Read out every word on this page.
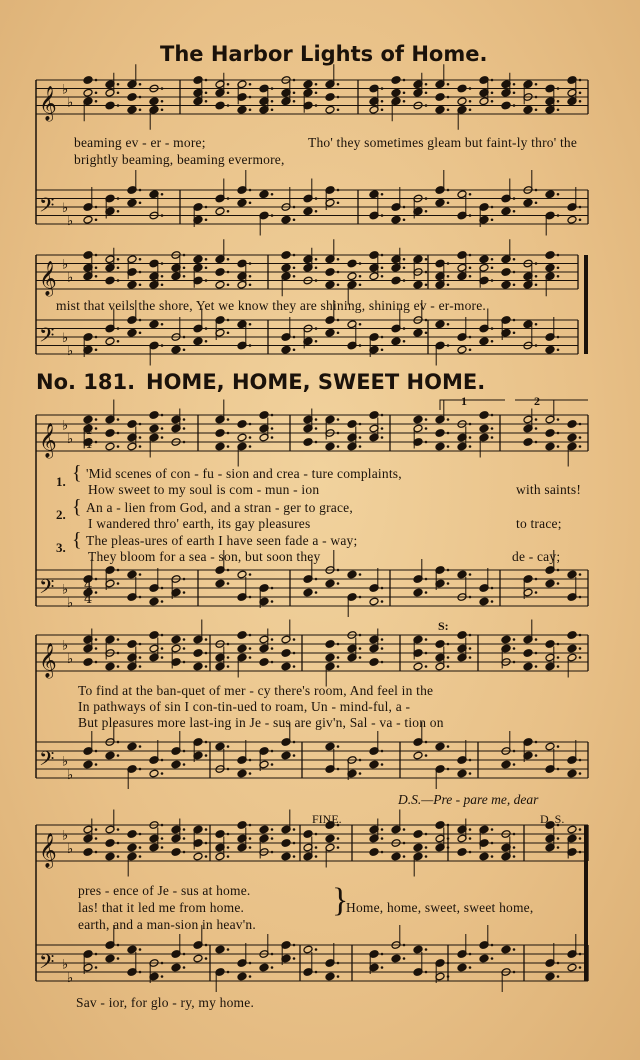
𝄞
𝄢
♭
♭
♭
♭
𝄞
𝄢
♭
♭
♭
♭
𝄞
𝄢
♭
♭
♭
♭
4
4
4
4
𝄞
𝄢
♭
♭
♭
♭
𝄞
𝄢
♭
♭
♭
♭
The Harbor Lights of Home.
beaming ev - er - more;	Tho' they sometimes gleam but faint-ly thro' the
brightly beaming, beaming evermore,
mist that veils the shore, Yet we know they are shining, shining ev - er-more.
No. 181. HOME, HOME, SWEET HOME.
1	2
1.
2.
3.
{
{
{
'Mid scenes of con - fu - sion and crea - ture complaints,
How sweet to my soul is com - mun - ion	with saints!
An a - lien from God, and a stran - ger to grace,
I wandered thro' earth, its gay pleasures	to trace;
The pleas-ures of earth I have seen fade a - way;
They bloom for a sea - son, but soon they	de - cay;
S:
To find at the ban-quet of mer - cy there's room, And feel in the
In pathways of sin I con-tin-ued to roam, Un - mind-ful, a -
But pleasures more last-ing in Je - sus are giv'n, Sal - va - tion on
D.S.—Pre - pare me, dear
FINE.	D. S.
pres - ence of Je - sus at home.
las! that it led me from home.
earth, and a man-sion in heav'n.
}
Home, home, sweet, sweet home,
Sav - ior, for glo - ry, my home.
